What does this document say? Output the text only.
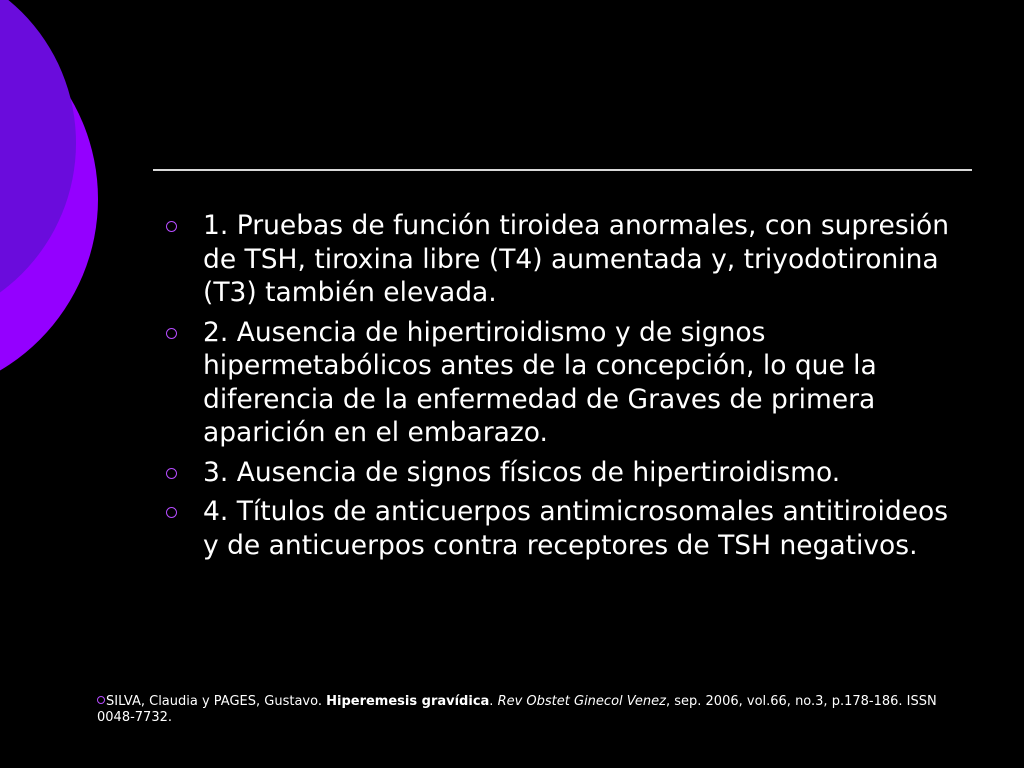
1. Pruebas de función tiroidea anormales, con supresión de TSH, tiroxina libre (T4) aumentada y, triyodotironina (T3) también elevada.
2. Ausencia de hipertiroidismo y de signos hipermetabólicos antes de la concepción, lo que la diferencia de la enfermedad de Graves de primera aparición en el embarazo.
3. Ausencia de signos físicos de hipertiroidismo.
4. Títulos de anticuerpos antimicrosomales antitiroideos y de anticuerpos contra receptores de TSH negativos.
SILVA, Claudia y PAGES, Gustavo. Hiperemesis gravídica. Rev Obstet Ginecol Venez, sep. 2006, vol.66, no.3, p.178-186. ISSN 0048-7732.
